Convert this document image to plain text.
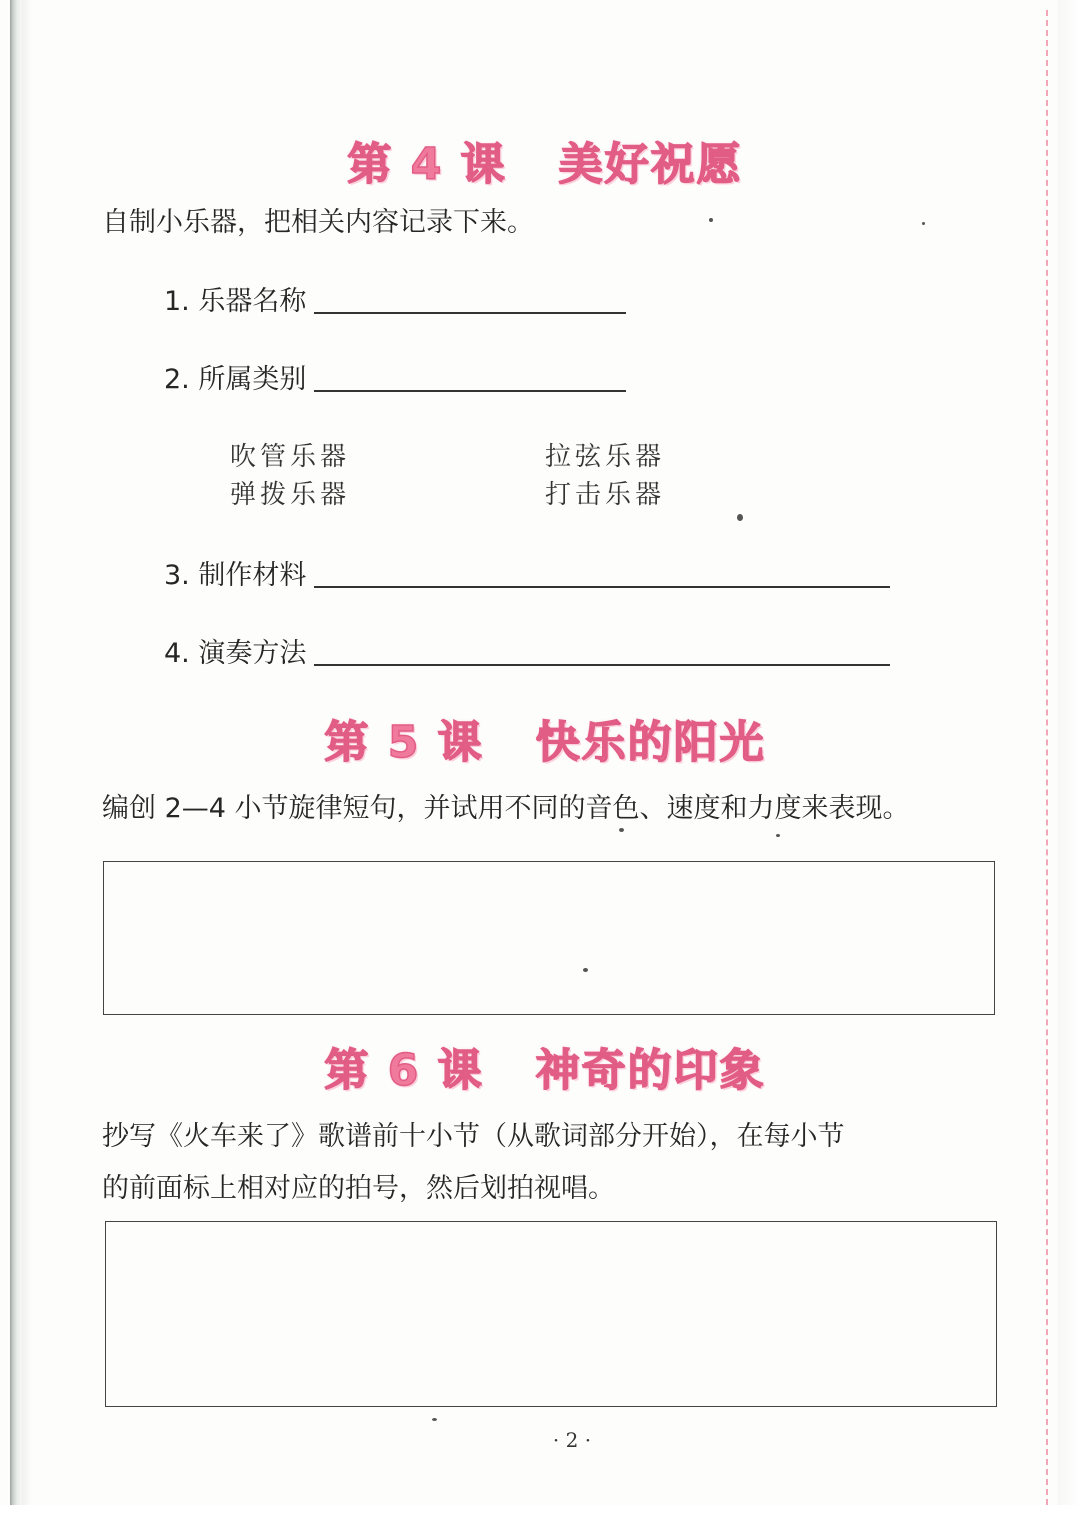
第 4 课   美好祝愿
自制小乐器，把相关内容记录下来。
1. 乐器名称
2. 所属类别
吹管乐器	拉弦乐器
弹拨乐器	打击乐器
3. 制作材料
4. 演奏方法
第 5 课   快乐的阳光
编创 2—4 小节旋律短句，并试用不同的音色、速度和力度来表现。
第 6 课   神奇的印象
抄写《火车来了》歌谱前十小节（从歌词部分开始），在每小节
的前面标上相对应的拍号，然后划拍视唱。
· 2 ·
